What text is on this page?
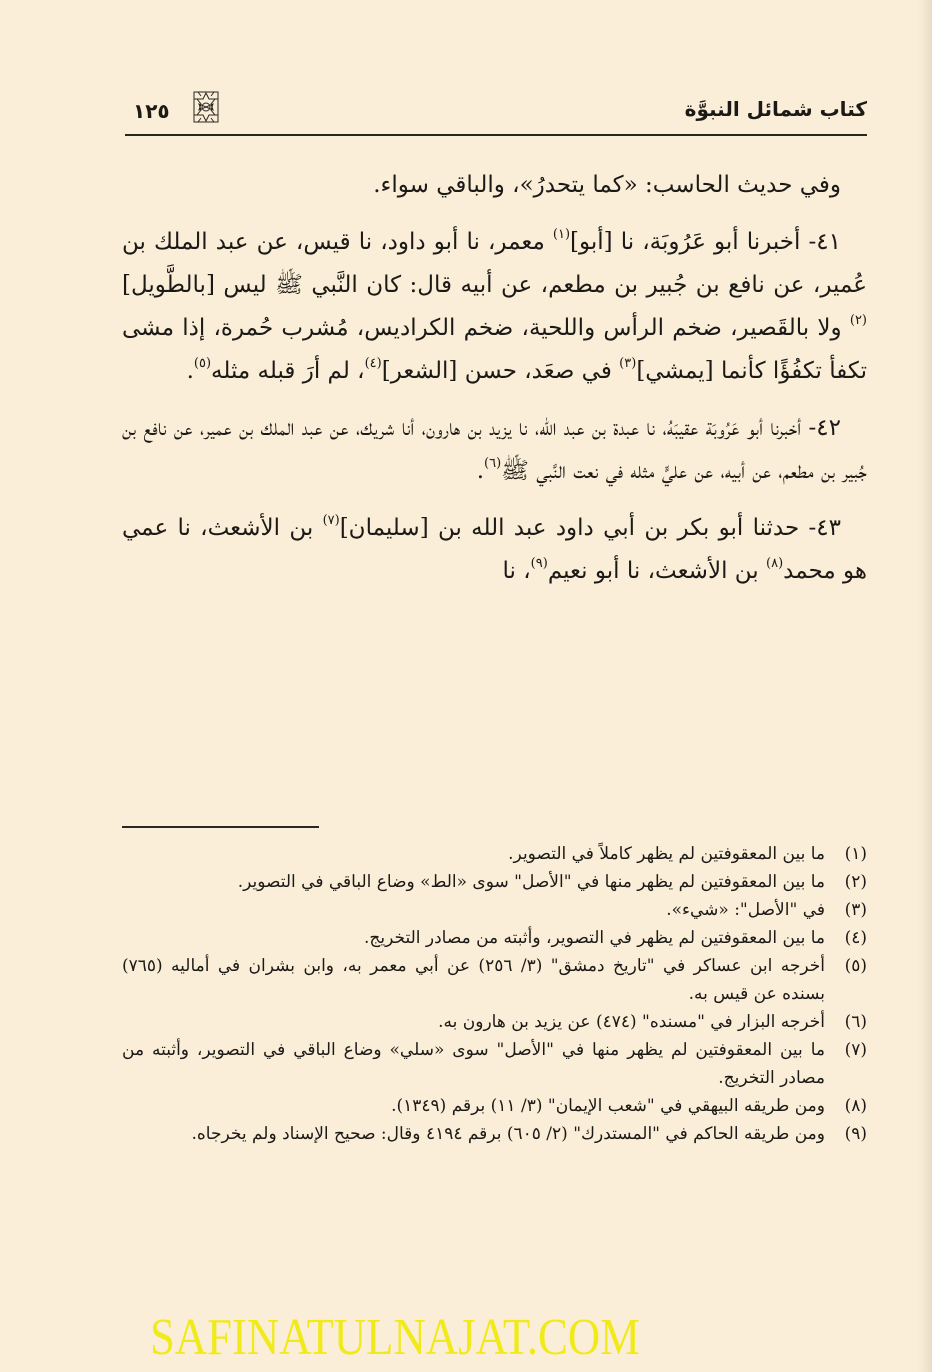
كتاب شمائل النبوَّة
١٢٥

وفي حديث الحاسب: «كما يتحدرُ»، والباقي سواء.

٤١- أخبرنا أبو عَرُوبَة، نا [أبو]$^{(١)}$ معمر، نا أبو داود، نا قيس، عن عبد الملك بن عُمير، عن نافع بن جُبير بن مطعم، عن أبيه قال: كان النَّبي ﷺ ليس [بالطَّويل]$^{(٢)}$ ولا بالقَصير، ضخم الرأس واللحية، ضخم الكراديس، مُشرب حُمرة، إذا مشى تكفأ تكفُؤًا كأنما [يمشي]$^{(٣)}$ في صعَد، حسن [الشعر]$^{(٤)}$، لم أرَ قبله مثله$^{(٥)}$.

٤٢- أخبرنا أبو عَرُوبَة عقيبَهُ، نا عبدة بن عبد الله، نا يزيد بن هارون، أنا شريك، عن عبد الملك بن عمير، عن نافع بن جُبير بن مطعم، عن أبيه، عن عليٍّ مثله في نعت النَّبي ﷺ$^{(٦)}$.

٤٣- حدثنا أبو بكر بن أبي داود عبد الله بن [سليمان]$^{(٧)}$ بن الأشعث، نا عمي هو محمد$^{(٨)}$ بن الأشعث، نا أبو نعيم$^{(٩)}$، نا

(١)
ما بين المعقوفتين لم يظهر كاملاً في التصوير.
(٢)
ما بين المعقوفتين لم يظهر منها في "الأصل" سوى «الط» وضاع الباقي في التصوير.
(٣)
في "الأصل": «شيء».
(٤)
ما بين المعقوفتين لم يظهر في التصوير، وأثبته من مصادر التخريج.
(٥)
أخرجه ابن عساكر في "تاريخ دمشق" (٣/ ٢٥٦) عن أبي معمر به، وابن بشران في أماليه (٧٦٥) بسنده عن قيس به.
(٦)
أخرجه البزار في "مسنده" (٤٧٤) عن يزيد بن هارون به.
(٧)
ما بين المعقوفتين لم يظهر منها في "الأصل" سوى «سلي» وضاع الباقي في التصوير، وأثبته من مصادر التخريج.
(٨)
ومن طريقه البيهقي في "شعب الإيمان" (٣/ ١١) برقم (١٣٤٩).
(٩)
ومن طريقه الحاكم في "المستدرك" (٢/ ٦٠٥) برقم ٤١٩٤ وقال: صحيح الإسناد ولم يخرجاه.
SAFINATULNAJAT.COM
